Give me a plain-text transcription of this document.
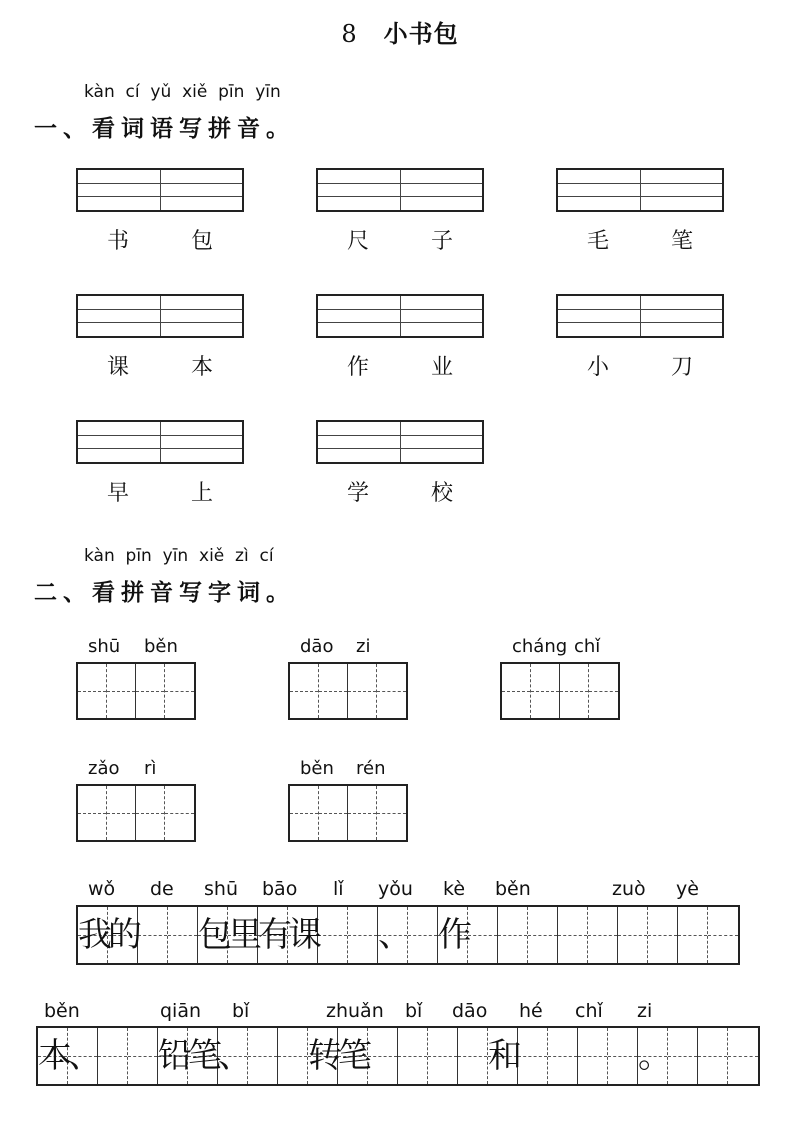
8 小书包
kàn  cí  yǔ  xiě  pīn  yīn
一、看词语写拼音。
书	包	尺	子	毛	笔
课	本	作	业	小	刀
早	上	学	校
kàn  pīn  yīn  xiě  zì  cí
二、看拼音写字词。
shū běn	dāo zi	cháng chǐ
zǎo rì	běn rén
wǒ de shū bāo lǐ yǒu kè běn	zuò yè
我
的 包
里
有
课 、 作
běn	qiān bǐ	zhuǎn bǐ dāo hé chǐ zi
本
、 铅
笔
、 转
笔	和	。
